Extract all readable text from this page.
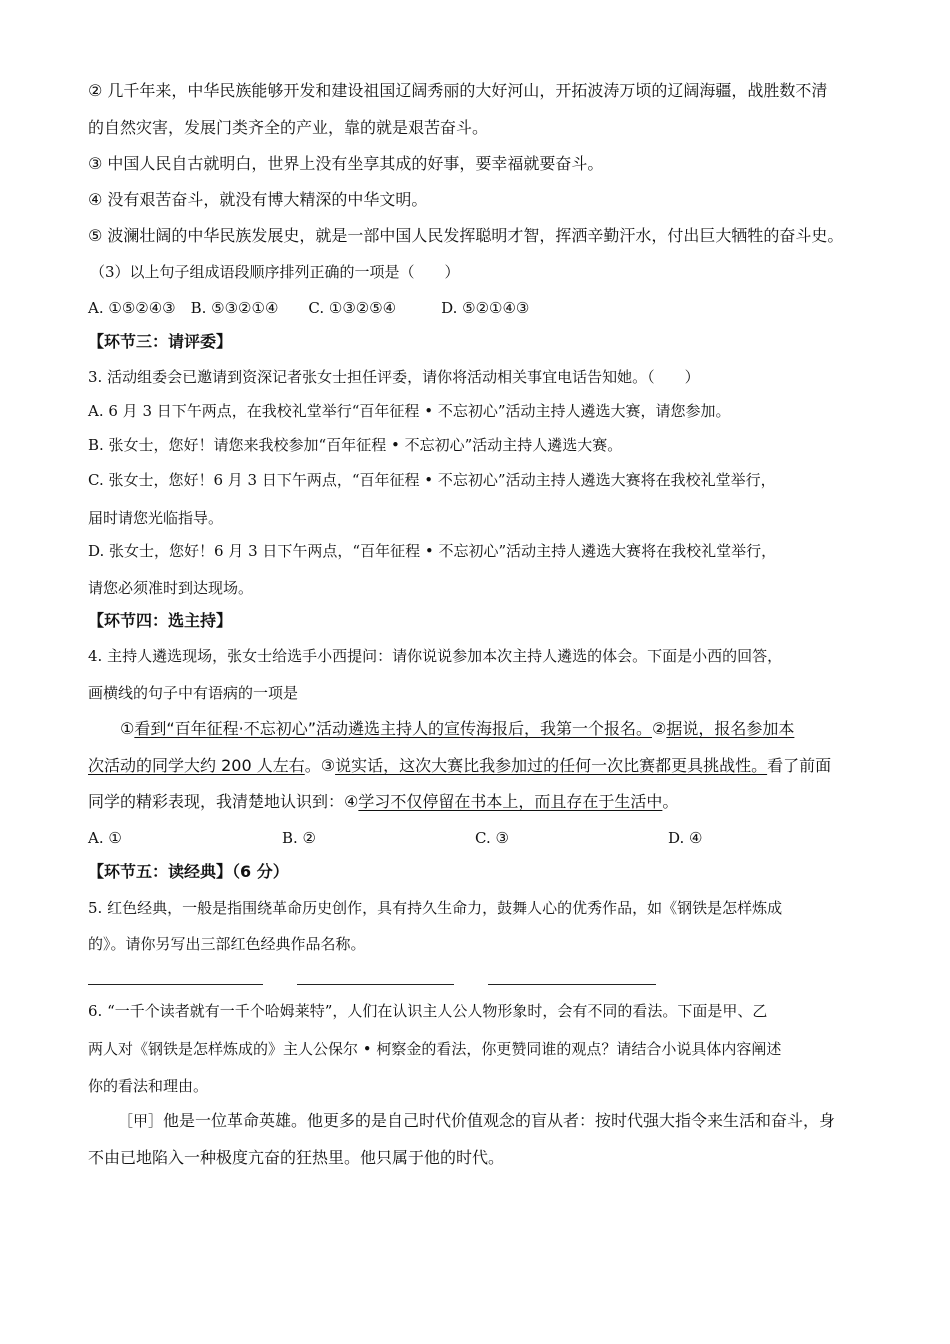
② 几千年来，中华民族能够开发和建设祖国辽阔秀丽的大好河山，开拓波涛万顷的辽阔海疆，战胜数不清
的自然灾害，发展门类齐全的产业，靠的就是艰苦奋斗。
③ 中国人民自古就明白，世界上没有坐享其成的好事，要幸福就要奋斗。
④ 没有艰苦奋斗，就没有博大精深的中华文明。
⑤ 波澜壮阔的中华民族发展史，就是一部中国人民发挥聪明才智，挥洒辛勤汗水，付出巨大牺牲的奋斗史。
（3）以上句子组成语段顺序排列正确的一项是（　　）
A. ①⑤②④③　B. ⑤③②①④　　C. ①③②⑤④　　　D. ⑤②①④③
【环节三：请评委】
3. 活动组委会已邀请到资深记者张女士担任评委，请你将活动相关事宜电话告知她。（　　）
A. 6 月 3 日下午两点，在我校礼堂举行“百年征程 • 不忘初心”活动主持人遴选大赛，请您参加。
B. 张女士，您好！请您来我校参加“百年征程 • 不忘初心”活动主持人遴选大赛。
C. 张女士，您好！6 月 3 日下午两点，“百年征程 • 不忘初心”活动主持人遴选大赛将在我校礼堂举行，
届时请您光临指导。
D. 张女士，您好！6 月 3 日下午两点，“百年征程 • 不忘初心”活动主持人遴选大赛将在我校礼堂举行，
请您必须准时到达现场。
【环节四：选主持】
4. 主持人遴选现场，张女士给选手小西提问：请你说说参加本次主持人遴选的体会。下面是小西的回答，
画横线的句子中有语病的一项是
①看到“百年征程·不忘初心”活动遴选主持人的宣传海报后，我第一个报名。②据说，报名参加本
次活动的同学大约 200 人左右。③说实话，这次大赛比我参加过的任何一次比赛都更具挑战性。看了前面
同学的精彩表现，我清楚地认识到：④学习不仅停留在书本上，而且存在于生活中。
A. ①	B. ②	C. ③	D. ④
【环节五：读经典】（6 分）
5. 红色经典，一般是指围绕革命历史创作，具有持久生命力，鼓舞人心的优秀作品，如《钢铁是怎样炼成
的》。请你另写出三部红色经典作品名称。
6. “一千个读者就有一千个哈姆莱特”，人们在认识主人公人物形象时，会有不同的看法。下面是甲、乙
两人对《钢铁是怎样炼成的》主人公保尔 • 柯察金的看法，你更赞同谁的观点？请结合小说具体内容阐述
你的看法和理由。
［甲］他是一位革命英雄。他更多的是自己时代价值观念的盲从者：按时代强大指令来生活和奋斗，身
不由已地陷入一种极度亢奋的狂热里。他只属于他的时代。
